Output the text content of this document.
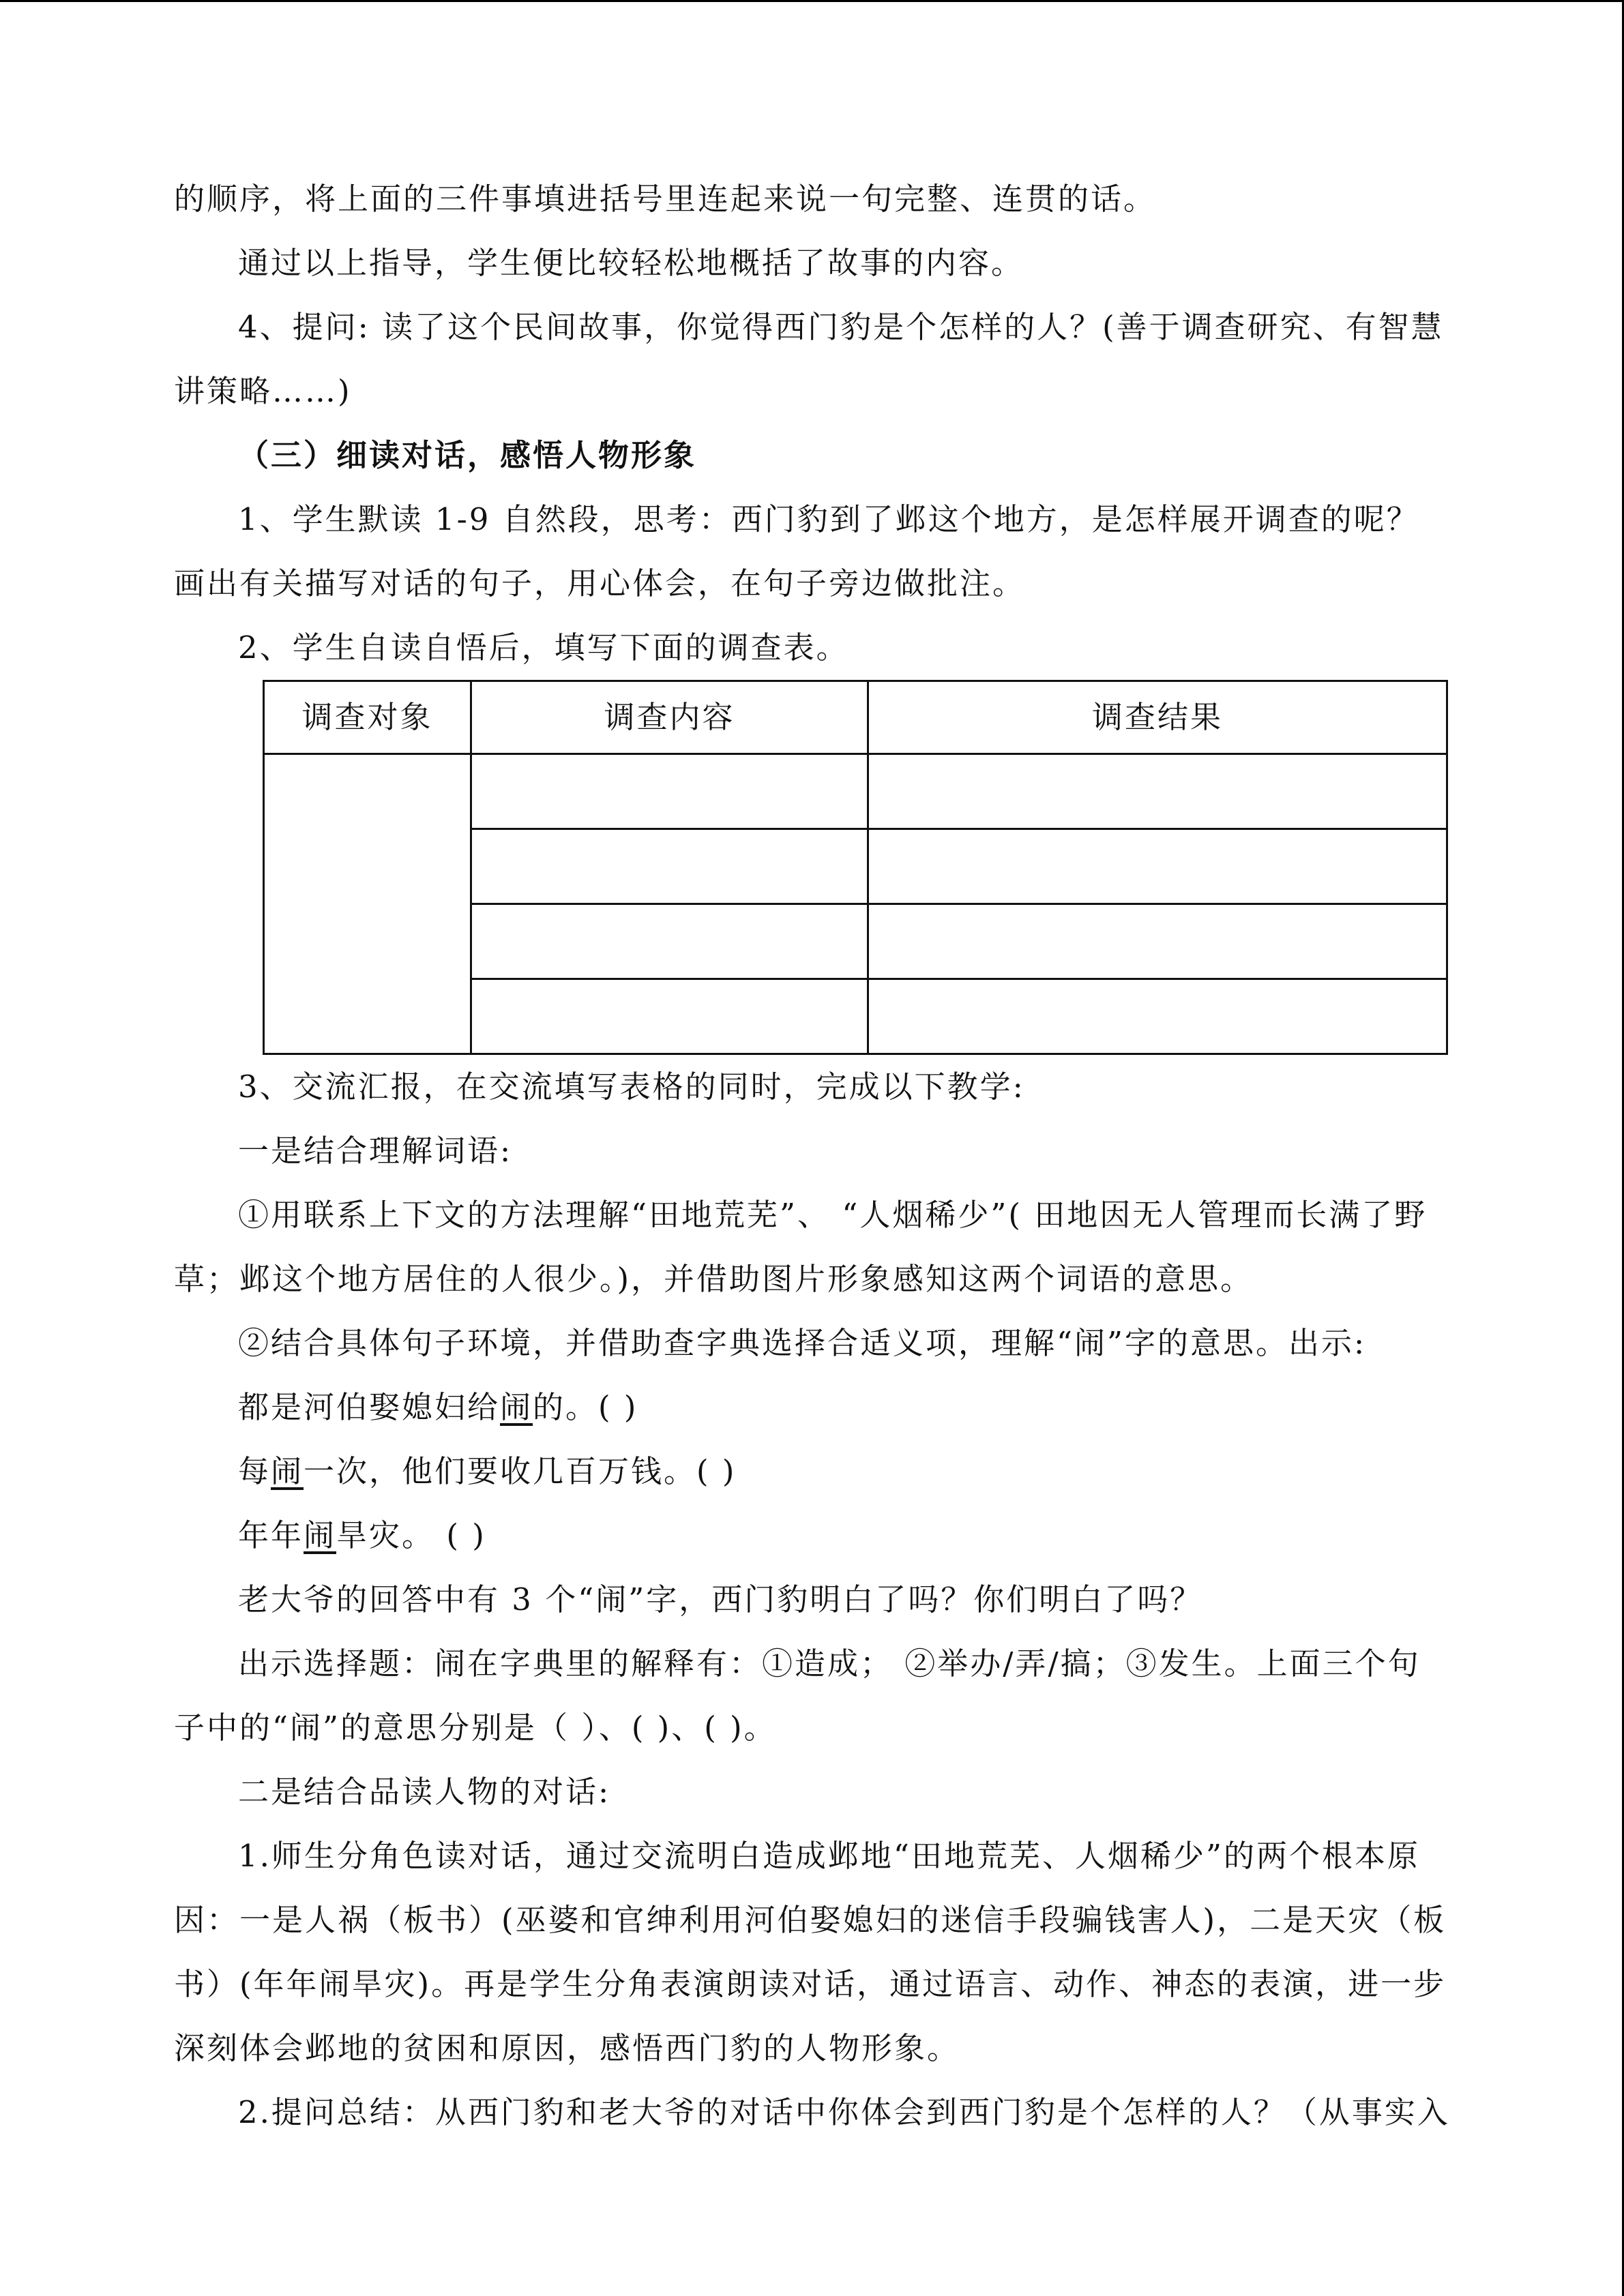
的顺序，将上面的三件事填进括号里连起来说一句完整、连贯的话。

通过以上指导，学生便比较轻松地概括了故事的内容。

4、提问: 读了这个民间故事，你觉得西门豹是个怎样的人？(善于调查研究、有智慧讲策略……)

（三）细读对话，感悟人物形象

1、学生默读 1-9 自然段，思考：西门豹到了邺这个地方，是怎样展开调查的呢？画出有关描写对话的句子，用心体会，在句子旁边做批注。

2、学生自读自悟后，填写下面的调查表。

调查对象	调查内容	调查结果

3、交流汇报，在交流填写表格的同时，完成以下教学:

一是结合理解词语:

①用联系上下文的方法理解“田地荒芜”、 “人烟稀少”( 田地因无人管理而长满了野草；邺这个地方居住的人很少。)，并借助图片形象感知这两个词语的意思。

②结合具体句子环境，并借助查字典选择合适义项，理解“闹”字的意思。出示:

都是河伯娶媳妇给闹的。( )

每闹一次，他们要收几百万钱。( )

年年闹旱灾。 ( )

老大爷的回答中有 3 个“闹”字，西门豹明白了吗？你们明白了吗？

出示选择题：闹在字典里的解释有：①造成； ②举办/弄/搞；③发生。上面三个句子中的“闹”的意思分别是（ ）、( )、( )。

二是结合品读人物的对话:

1.师生分角色读对话，通过交流明白造成邺地“田地荒芜、人烟稀少”的两个根本原因：一是人祸（板书）(巫婆和官绅利用河伯娶媳妇的迷信手段骗钱害人)，二是天灾（板书）(年年闹旱灾)。再是学生分角表演朗读对话，通过语言、动作、神态的表演，进一步深刻体会邺地的贫困和原因，感悟西门豹的人物形象。

2.提问总结：从西门豹和老大爷的对话中你体会到西门豹是个怎样的人？（从事实入
